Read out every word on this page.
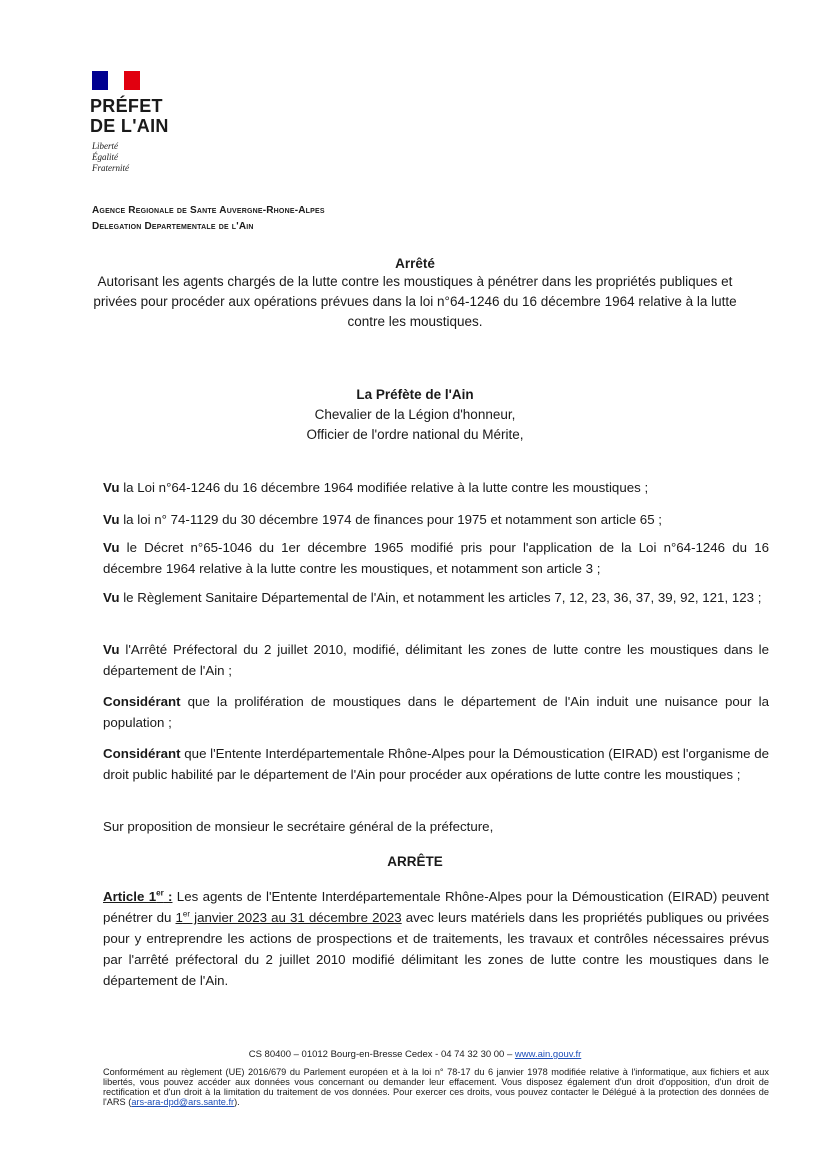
PRÉFET
DE L'AIN
Liberté
Égalité
Fraternité
Agence Regionale de Sante Auvergne-Rhone-Alpes
Delegation Departementale de l'Ain
Arrêté
Autorisant les agents chargés de la lutte contre les moustiques à pénétrer dans les propriétés publiques et privées pour procéder aux opérations prévues dans la loi n°64-1246 du 16 décembre 1964 relative à la lutte contre les moustiques.
La Préfète de l'Ain
Chevalier de la Légion d'honneur,
Officier de l'ordre national du Mérite,
Vu la Loi n°64-1246 du 16 décembre 1964 modifiée relative à la lutte contre les moustiques ;
Vu la loi n° 74-1129 du 30 décembre 1974 de finances pour 1975 et notamment son article 65 ;
Vu le Décret n°65-1046 du 1er décembre 1965 modifié pris pour l'application de la Loi n°64-1246 du 16 décembre 1964 relative à la lutte contre les moustiques, et notamment son article 3 ;
Vu le Règlement Sanitaire Départemental de l'Ain, et notamment les articles 7, 12, 23, 36, 37, 39, 92, 121, 123 ;
Vu l'Arrêté Préfectoral du 2 juillet 2010, modifié, délimitant les zones de lutte contre les moustiques dans le département de l'Ain ;
Considérant que la prolifération de moustiques dans le département de l'Ain induit une nuisance pour la population ;
Considérant que l'Entente Interdépartementale Rhône-Alpes pour la Démoustication (EIRAD) est l'organisme de droit public habilité par le département de l'Ain pour procéder aux opérations de lutte contre les moustiques ;
Sur proposition de monsieur le secrétaire général de la préfecture,
ARRÊTE
Article 1er : Les agents de l'Entente Interdépartementale Rhône-Alpes pour la Démoustication (EIRAD) peuvent pénétrer du 1er janvier 2023 au 31 décembre 2023 avec leurs matériels dans les propriétés publiques ou privées pour y entreprendre les actions de prospections et de traitements, les travaux et contrôles nécessaires prévus par l'arrêté préfectoral du 2 juillet 2010 modifié délimitant les zones de lutte contre les moustiques dans le département de l'Ain.
CS 80400 – 01012 Bourg-en-Bresse Cedex - 04 74 32 30 00 – www.ain.gouv.fr
Conformément au règlement (UE) 2016/679 du Parlement européen et à la loi n° 78-17 du 6 janvier 1978 modifiée relative à l'informatique, aux fichiers et aux libertés, vous pouvez accéder aux données vous concernant ou demander leur effacement. Vous disposez également d'un droit d'opposition, d'un droit de rectification et d'un droit à la limitation du traitement de vos données. Pour exercer ces droits, vous pouvez contacter le Délégué à la protection des données de l'ARS (ars-ara-dpd@ars.sante.fr).
